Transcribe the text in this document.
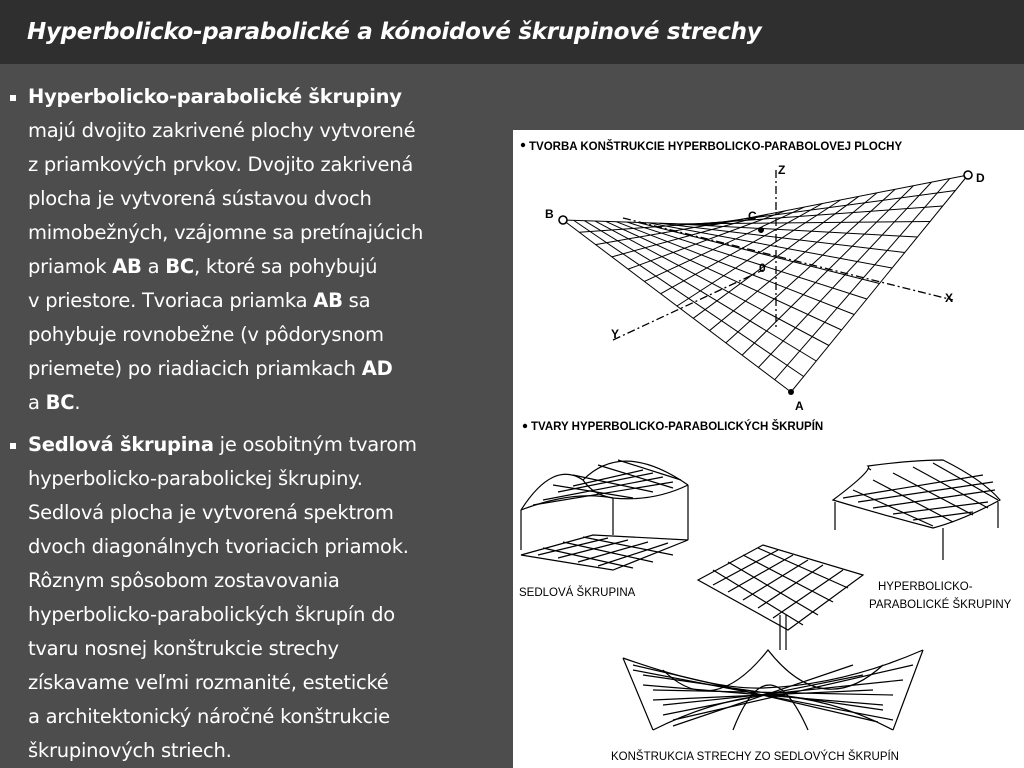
Hyperbolicko-parabolické a kónoidové škrupinové strechy
Hyperbolicko-parabolické škrupiny
majú dvojito zakrivené plochy vytvorené
z priamkových prvkov. Dvojito zakrivená
plocha je vytvorená sústavou dvoch
mimobežných, vzájomne sa pretínajúcich
priamok AB a BC, ktoré sa pohybujú
v priestore. Tvoriaca priamka AB sa
pohybuje rovnobežne (v pôdorysnom
priemete) po riadiacich priamkach AD
a BC.
Sedlová škrupina je osobitným tvarom
hyperbolicko-parabolickej škrupiny.
Sedlová plocha je vytvorená spektrom
dvoch diagonálnych tvoriacich priamok.
Rôznym spôsobom zostavovania
hyperbolicko-parabolických škrupín do
tvaru nosnej konštrukcie strechy
získavame veľmi rozmanité, estetické
a architektonický náročné konštrukcie
škrupinových striech.
TVORBA KONŠTRUKCIE HYPERBOLICKO-PARABOLOVEJ PLOCHY
B	C
D
A
Z
X
Y
0
TVARY HYPERBOLICKO-PARABOLICKÝCH ŠKRUPÍN
SEDLOVÁ ŠKRUPINA	HYPERBOLICKO-
PARABOLICKÉ ŠKRUPINY
KONŠTRUKCIA STRECHY ZO SEDLOVÝCH ŠKRUPÍN
